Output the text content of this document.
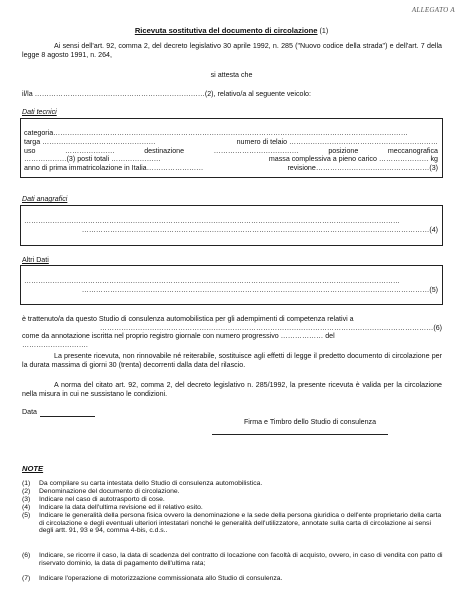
ALLEGATO A
Ricevuta sostitutiva del documento di circolazione (1)

Ai sensi dell'art. 92, comma 2, del decreto legislativo 30 aprile 1992, n. 285 ("Nuovo codice della strada") e dell'art. 7 della legge 8 agosto 1991, n. 264,

si attesta che
il/la ………………………………………………………………(2), relativo/a al seguente veicolo:
Dati tecnici
categoria……………………………………………………………………………………………………………………………………
targa …………………………………………	numero di telaio ………………………………………………………
uso	…………………	destinazione	………………………………	posizione	meccanografica
………………(3) posti totali …………………	massa complessiva a pieno carico ………………… kg
anno di prima immatricolazione in Italia……………………	revisione…………………………………………(3)
Dati anagrafici
……………………………………………………………………………………………………………………………………………
…………………………………………………………………………………………………………………………………(4)
Altri Dati
……………………………………………………………………………………………………………………………………………
…………………………………………………………………………………………………………………………………(5)
è trattenuto/a da questo Studio di consulenza automobilistica per gli adempimenti di competenza relativi a
……………………………………………………………………………………………………………………………(6)
come da annotazione iscritta nel proprio registro giornale con numero progressivo ……………… del
……………………….

La presente ricevuta, non rinnovabile né reiterabile, sostituisce agli effetti di legge il predetto documento di circolazione per la durata massima di giorni 30 (trenta) decorrenti dalla data del rilascio.

A norma del citato art. 92, comma 2, del decreto legislativo n. 285/1992, la presente ricevuta è valida per la circolazione nella misura in cui ne sussistano le condizioni.

Data
Firma e Timbro dello Studio di consulenza
NOTE
(1)	Da compilare su carta intestata dello Studio di consulenza automobilistica.
(2)	Denominazione del documento di circolazione.
(3)	Indicare nel caso di autotrasporto di cose.
(4)	Indicare la data dell'ultima revisione ed il relativo esito.
(5)	Indicare le generalità della persona fisica ovvero la denominazione e la sede della persona giuridica o dell'ente proprietario della carta di circolazione e degli eventuali ulteriori intestatari nonché le generalità dell'utilizzatore, annotate sulla carta di circolazione ai sensi degli artt. 91, 93 e 94, comma 4-bis, c.d.s..
(6)	Indicare, se ricorre il caso, la data di scadenza del contratto di locazione con facoltà di acquisto, ovvero, in caso di vendita con patto di riservato dominio, la data di pagamento dell'ultima rata;
(7)	Indicare l'operazione di motorizzazione commissionata allo Studio di consulenza.
